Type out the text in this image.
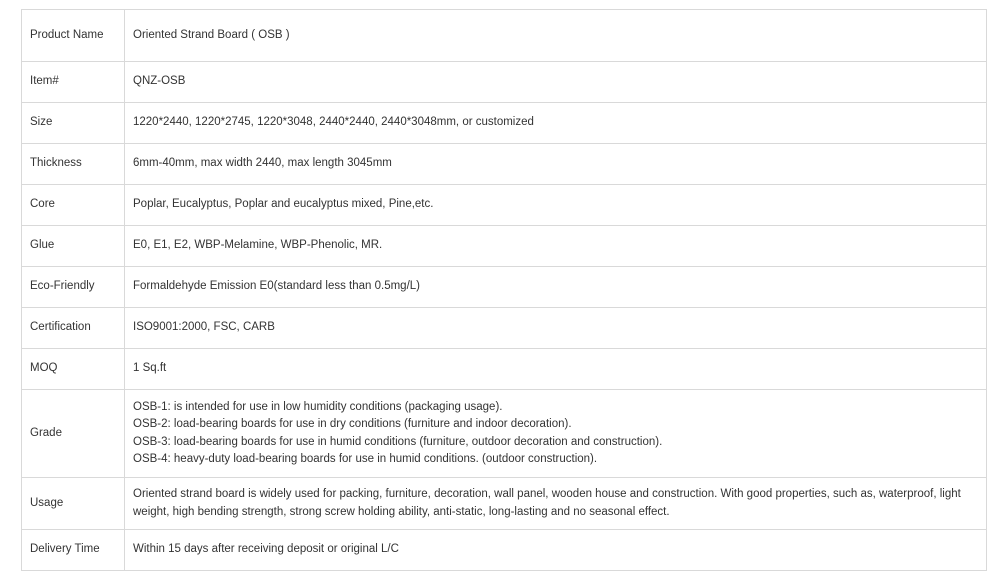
Product Name	Oriented Strand Board ( OSB )

Item#	QNZ-OSB

Size	1220*2440, 1220*2745, 1220*3048, 2440*2440, 2440*3048mm, or customized

Thickness	6mm-40mm, max width 2440, max length 3045mm

Core	Poplar, Eucalyptus, Poplar and eucalyptus mixed, Pine,etc.

Glue	E0, E1, E2, WBP-Melamine, WBP-Phenolic, MR.

Eco-Friendly	Formaldehyde Emission E0(standard less than 0.5mg/L)

Certification	ISO9001:2000, FSC, CARB

MOQ	1 Sq.ft

Grade	OSB-1: is intended for use in low humidity conditions (packaging usage).
OSB-2: load-bearing boards for use in dry conditions (furniture and indoor decoration).
OSB-3: load-bearing boards for use in humid conditions (furniture, outdoor decoration and construction).
OSB-4: heavy-duty load-bearing boards for use in humid conditions. (outdoor construction).

Usage	Oriented strand board is widely used for packing, furniture, decoration, wall panel, wooden house and construction. With good properties, such as, waterproof, light weight, high bending strength, strong screw holding ability, anti-static, long-lasting and no seasonal effect.

Delivery Time	Within 15 days after receiving deposit or original L/C
